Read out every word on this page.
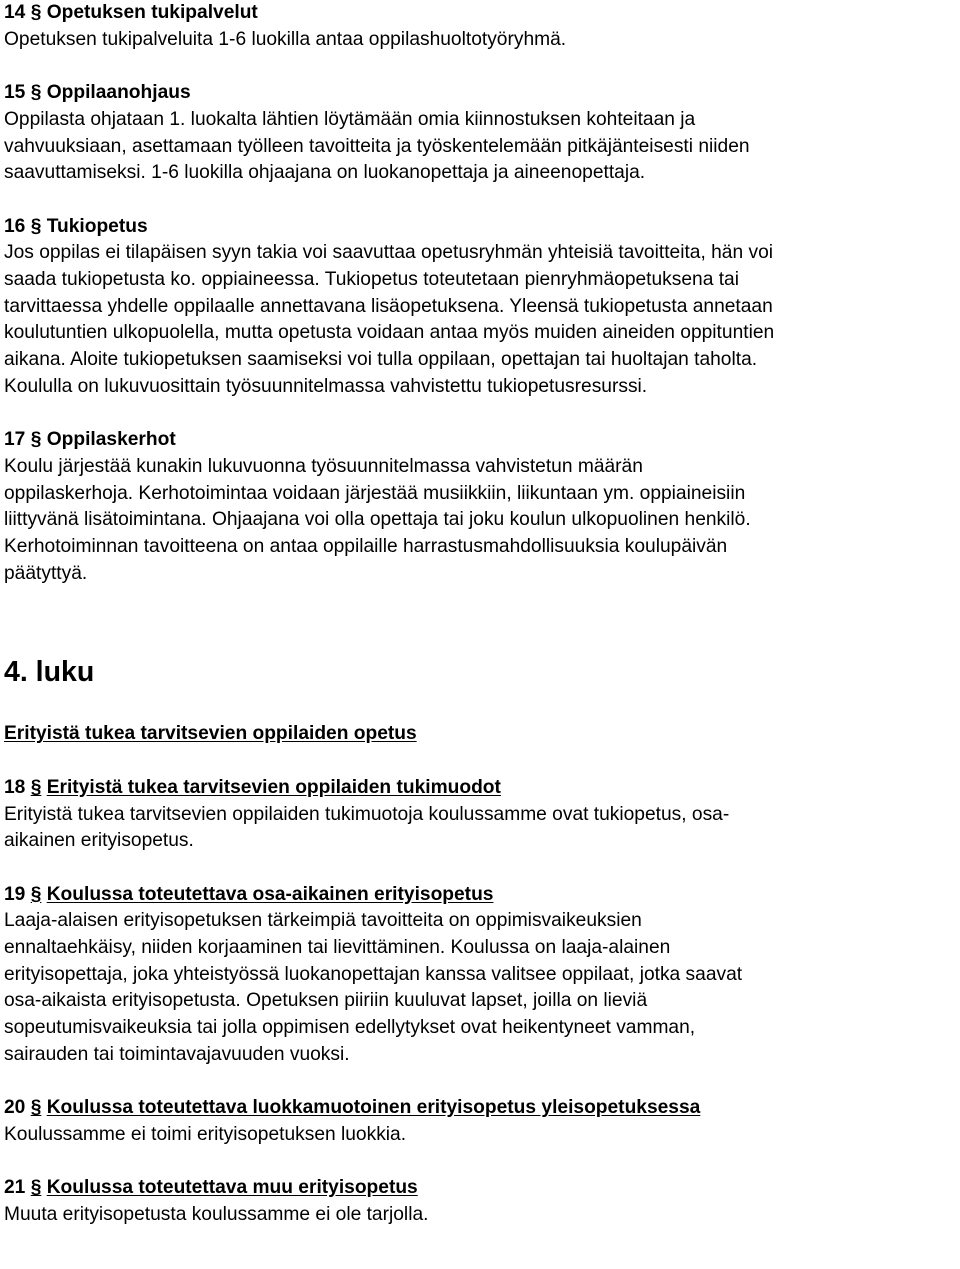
14 § Opetuksen tukipalvelut
Opetuksen tukipalveluita 1-6 luokilla antaa oppilashuoltotyöryhmä.
15 § Oppilaanohjaus
Oppilasta ohjataan 1. luokalta lähtien löytämään omia kiinnostuksen kohteitaan ja
vahvuuksiaan, asettamaan työlleen tavoitteita ja työskentelemään pitkäjänteisesti niiden
saavuttamiseksi. 1-6 luokilla ohjaajana on luokanopettaja ja aineenopettaja.
16 § Tukiopetus
Jos oppilas ei tilapäisen syyn takia voi saavuttaa opetusryhmän yhteisiä tavoitteita, hän voi
saada tukiopetusta ko. oppiaineessa. Tukiopetus toteutetaan pienryhmäopetuksena tai
tarvittaessa yhdelle oppilaalle annettavana lisäopetuksena. Yleensä tukiopetusta annetaan
koulutuntien ulkopuolella, mutta opetusta voidaan antaa myös muiden aineiden oppituntien
aikana. Aloite tukiopetuksen saamiseksi voi tulla oppilaan, opettajan tai huoltajan taholta.
Koululla on lukuvuosittain työsuunnitelmassa vahvistettu tukiopetusresurssi.
17 § Oppilaskerhot
Koulu järjestää kunakin lukuvuonna työsuunnitelmassa vahvistetun määrän
oppilaskerhoja. Kerhotoimintaa voidaan järjestää musiikkiin, liikuntaan ym. oppiaineisiin
liittyvänä lisätoimintana. Ohjaajana voi olla opettaja tai joku koulun ulkopuolinen henkilö.
Kerhotoiminnan tavoitteena on antaa oppilaille harrastusmahdollisuuksia koulupäivän
päätyttyä.
4. luku
Erityistä tukea tarvitsevien oppilaiden opetus
18 § Erityistä tukea tarvitsevien oppilaiden tukimuodot
Erityistä tukea tarvitsevien oppilaiden tukimuotoja koulussamme ovat tukiopetus, osa-
aikainen erityisopetus.
19 § Koulussa toteutettava osa-aikainen erityisopetus
Laaja-alaisen erityisopetuksen tärkeimpiä tavoitteita on oppimisvaikeuksien
ennaltaehkäisy, niiden korjaaminen tai lievittäminen. Koulussa on laaja-alainen
erityisopettaja, joka yhteistyössä luokanopettajan kanssa valitsee oppilaat, jotka saavat
osa-aikaista erityisopetusta. Opetuksen piiriin kuuluvat lapset, joilla on lieviä
sopeutumisvaikeuksia tai jolla oppimisen edellytykset ovat heikentyneet vamman,
sairauden tai toimintavajavuuden vuoksi.
20 § Koulussa toteutettava luokkamuotoinen erityisopetus yleisopetuksessa
Koulussamme ei toimi erityisopetuksen luokkia.
21 § Koulussa toteutettava muu erityisopetus
Muuta erityisopetusta koulussamme ei ole tarjolla.
